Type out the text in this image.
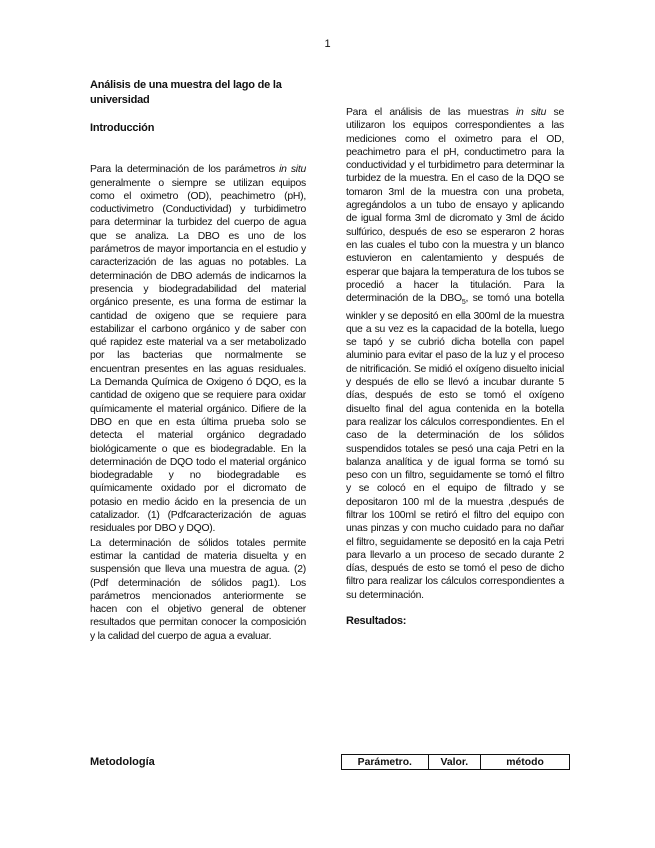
1
Análisis de una muestra del lago de la universidad
Introducción

Para la determinación de los parámetros in situ generalmente o siempre se utilizan equipos como el oximetro (OD), peachimetro (pH), coductivimetro (Conductividad) y turbidimetro para determinar la turbidez del cuerpo de agua que se analiza. La DBO es uno de los parámetros de mayor importancia en el estudio y caracterización de las aguas no potables. La determinación de DBO además de indicarnos la presencia y biodegradabilidad del material orgánico presente, es una forma de estimar la cantidad de oxigeno que se requiere para estabilizar el carbono orgánico y de saber con qué rapidez este material va a ser metabolizado por las bacterias que normalmente se encuentran presentes en las aguas residuales. La Demanda Química de Oxigeno ó DQO, es la cantidad de oxigeno que se requiere para oxidar químicamente el material orgánico. Difiere de la DBO en que en esta última prueba solo se detecta el material orgánico degradado biológicamente o que es biodegradable. En la determinación de DQO todo el material orgánico biodegradable y no biodegradable es químicamente oxidado por el dicromato de potasio en medio ácido en la presencia de un catalizador. (1) (Pdfcaracterización de aguas residuales por DBO y DQO).

La determinación de sólidos totales permite estimar la cantidad de materia disuelta y en suspensión que lleva una muestra de agua. (2)(Pdf determinación de sólidos pag1). Los parámetros mencionados anteriormente se hacen con el objetivo general de obtener resultados que permitan conocer la composición y la calidad del cuerpo de agua a evaluar.

Metodología

Para el análisis de las muestras in situ se utilizaron los equipos correspondientes a las mediciones como el oximetro para el OD, peachimetro para el pH, conductimetro para la conductividad y el turbidimetro para determinar la turbidez de la muestra. En el caso de la DQO se tomaron 3ml de la muestra con una probeta, agregándolos a un tubo de ensayo y aplicando de igual forma 3ml de dicromato y 3ml de ácido sulfúrico, después de eso se esperaron 2 horas en las cuales el tubo con la muestra y un blanco estuvieron en calentamiento y después de esperar que bajara la temperatura de los tubos se procedió a hacer la titulación. Para la determinación de la $DBO_5$, se tomó una botella winkler y se depositó en ella 300ml de la muestra que a su vez es la capacidad de la botella, luego se tapó y se cubrió dicha botella con papel aluminio para evitar el paso de la luz y el proceso de nitrificación. Se midió el oxígeno disuelto inicial y después de ello se llevó a incubar durante 5 días, después de esto se tomó el oxígeno disuelto final del agua contenida en la botella para realizar los cálculos correspondientes. En el caso de la determinación de los sólidos suspendidos totales se pesó una caja Petri en la balanza analítica y de igual forma se tomó su peso con un filtro, seguidamente se tomó el filtro y se colocó en el equipo de filtrado y se depositaron 100 ml de la muestra ,después de filtrar los 100ml se retiró el filtro del equipo con unas pinzas y con mucho cuidado para no dañar el filtro, seguidamente se depositó en la caja Petri para llevarlo a un proceso de secado durante 2 días, después de esto se tomó el peso de dicho filtro para realizar los cálculos correspondientes a su determinación.

Resultados:
Parámetro.	Valor.	método
